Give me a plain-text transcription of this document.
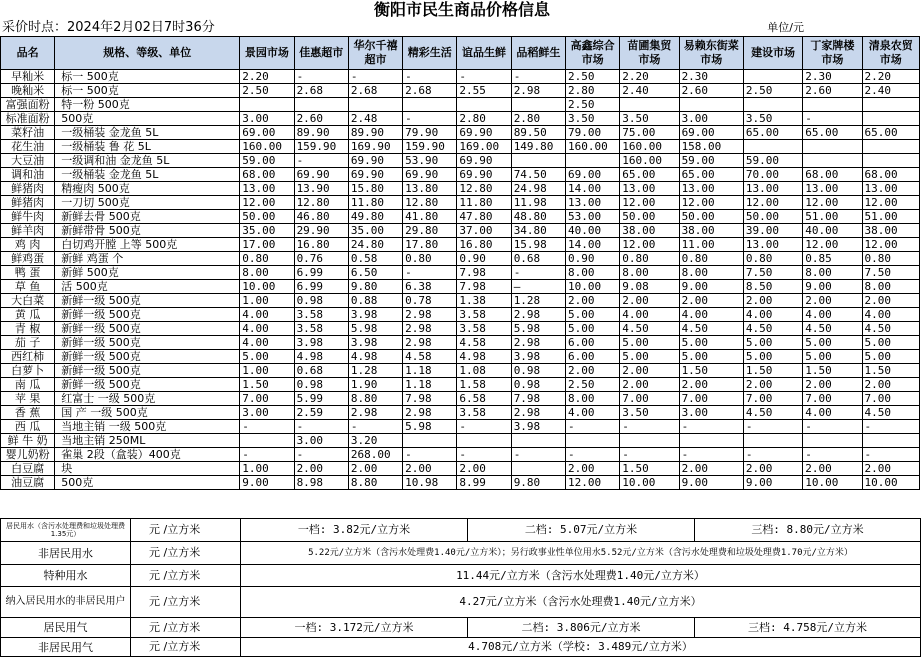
衡阳市民生商品价格信息
采价时点：2024年2月02日7时36分	单位/元
品名	规格、等级、单位	景园市场	佳惠超市	华尔千禧超市	精彩生活	谊品生鲜	品稻鲜生	高鑫综合市场	苗圃集贸市场	易赖东街菜市场	建设市场	丁家牌楼市场	清泉农贸市场
早籼米	标一 500克	2.20	-	-	-	-	-	2.50	2.20	2.30		2.30	2.20
晚籼米	标一 500克	2.50	2.68	2.68	2.68	2.55	2.98	2.80	2.40	2.60	2.50	2.60	2.40
富强面粉	特一粉 500克							2.50					
标准面粉	500克	3.00	2.60	2.48	-	2.80	2.80	3.50	3.50	3.00	3.50	-	
菜籽油	一级桶装 金龙鱼 5L	69.00	89.90	89.90	79.90	69.90	89.50	79.00	75.00	69.00	65.00	65.00	65.00
花生油	一级桶装 鲁 花 5L	160.00	159.90	169.90	159.90	169.00	149.80	160.00	160.00	158.00			
大豆油	一级调和油 金龙鱼 5L	59.00	-	69.90	53.90	69.90			160.00	59.00	59.00		
调和油	一级桶装 金龙鱼 5L	68.00	69.90	69.90	69.90	69.90	74.50	69.00	65.00	65.00	70.00	68.00	68.00
鲜猪肉	精瘦肉 500克	13.00	13.90	15.80	13.80	12.80	24.98	14.00	13.00	13.00	13.00	13.00	13.00
鲜猪肉	一刀切 500克	12.00	12.80	11.80	12.80	11.80	11.98	13.00	12.00	12.00	12.00	12.00	12.00
鲜牛肉	新鲜去骨 500克	50.00	46.80	49.80	41.80	47.80	48.80	53.00	50.00	50.00	50.00	51.00	51.00
鲜羊肉	新鲜带骨 500克	35.00	29.90	35.00	29.80	37.00	34.80	40.00	38.00	38.00	39.00	40.00	38.00
鸡 肉	白切鸡开膛 上等 500克	17.00	16.80	24.80	17.80	16.80	15.98	14.00	12.00	11.00	13.00	12.00	12.00
鲜鸡蛋	新鲜 鸡蛋 个	0.80	0.76	0.58	0.80	0.90	0.68	0.90	0.80	0.80	0.80	0.85	0.80
鸭 蛋	新鲜 500克	8.00	6.99	6.50	-	7.98	-	8.00	8.00	8.00	7.50	8.00	7.50
草 鱼	活 500克	10.00	6.99	9.80	6.38	7.98	—	10.00	9.08	9.00	8.50	9.00	8.00
大白菜	新鲜一级 500克	1.00	0.98	0.88	0.78	1.38	1.28	2.00	2.00	2.00	2.00	2.00	2.00
黄 瓜	新鲜一级 500克	4.00	3.58	3.98	2.98	3.58	2.98	5.00	4.00	4.00	4.00	4.00	4.00
青 椒	新鲜一级 500克	4.00	3.58	5.98	2.98	3.58	5.98	5.00	4.50	4.50	4.50	4.50	4.50
茄 子	新鲜一级 500克	4.00	3.98	3.98	2.98	4.58	2.98	6.00	5.00	5.00	5.00	5.00	5.00
西红柿	新鲜一级 500克	5.00	4.98	4.98	4.58	4.98	3.98	6.00	5.00	5.00	5.00	5.00	5.00
白萝卜	新鲜一级 500克	1.00	0.68	1.28	1.18	1.08	0.98	2.00	2.00	1.50	1.50	1.50	1.50
南 瓜	新鲜一级 500克	1.50	0.98	1.90	1.18	1.58	0.98	2.50	2.00	2.00	2.00	2.00	2.00
苹 果	红富士 一级 500克	7.00	5.99	8.80	7.98	6.58	7.98	8.00	7.00	7.00	7.00	7.00	7.00
香 蕉	国 产 一级 500克	3.00	2.59	2.98	2.98	3.58	2.98	4.00	3.50	3.00	4.50	4.00	4.50
西 瓜	当地主销 一级 500克	-	-	-	5.98	-	3.98	-	-	-	-	-	-
鲜 牛 奶	当地主销 250ML		3.00	3.20									
婴儿奶粉	雀巢 2段（盒装）400克	-	-	268.00	-	-	-	-	-	-	-	-	-
白豆腐	块	1.00	2.00	2.00	2.00	2.00		2.00	1.50	2.00	2.00	2.00	2.00
油豆腐	500克	9.00	8.98	8.80	10.98	8.99	9.80	12.00	10.00	9.00	9.00	10.00	10.00
居民用水（含污水处理费和垃圾处理费1.35元）	元 /立方米	一档: 3.82元/立方米	二档: 5.07元/立方米	三档: 8.80元/立方米
非居民用水	元 /立方米	5.22元/立方米（含污水处理费1.40元/立方米）；另行政事业性单位用水5.52元/立方米（含污水处理费和垃圾处理费1.70元/立方米）		
特种用水	元 /立方米	11.44元/立方米（含污水处理费1.40元/立方米）		
纳入居民用水的非居民用户	元 /立方米	4.27元/立方米（含污水处理费1.40元/立方米）		
居民用气	元 /立方米	一档: 3.172元/立方米	二档: 3.806元/立方米	三档: 4.758元/立方米
非居民用气	元 /立方米	4.708元/立方米（学校: 3.489元/立方米）		
